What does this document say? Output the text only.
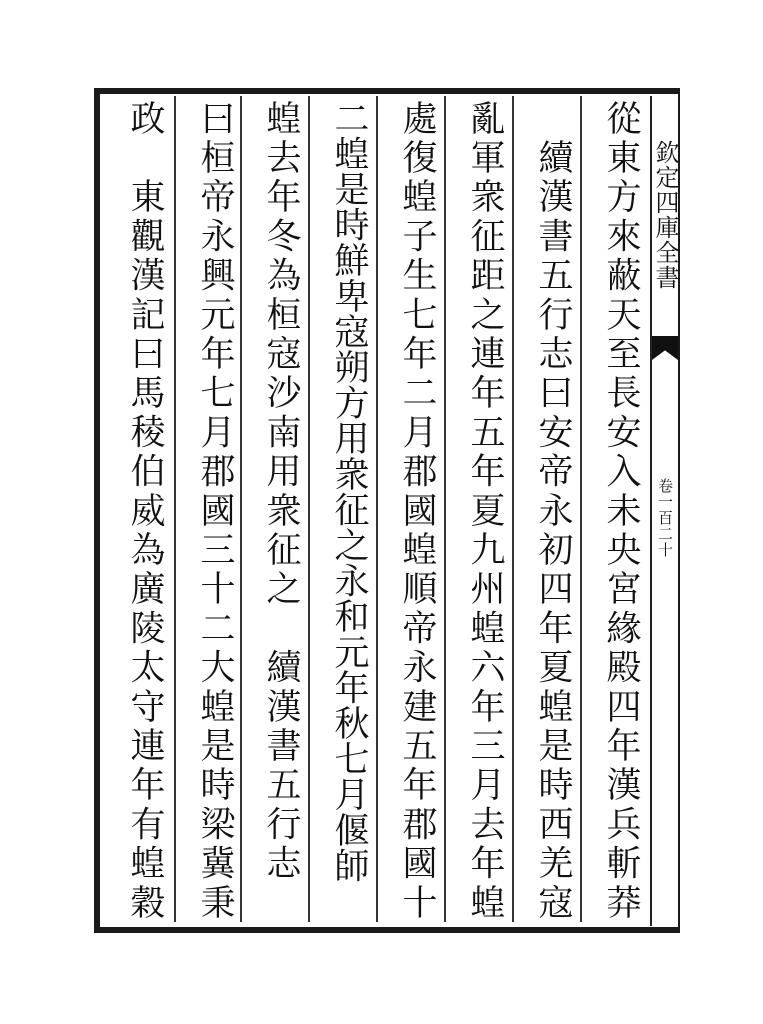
欽定四庫全書
卷一百二十
從東方來蔽天至長安入未央宮緣殿四年漢兵斬莽
　續漢書五行志曰安帝永初四年夏蝗是時西羌寇
亂軍衆征距之連年五年夏九州蝗六年三月去年蝗
處復蝗子生七年二月郡國蝗順帝永建五年郡國十
二蝗是時鮮卑寇朔方用衆征之永和元年秋七月偃師
蝗去年冬為桓寇沙南用衆征之　續漢書五行志
曰桓帝永興元年七月郡國三十二大蝗是時梁冀秉
政　東觀漢記曰馬稜伯威為廣陵太守連年有蝗穀
